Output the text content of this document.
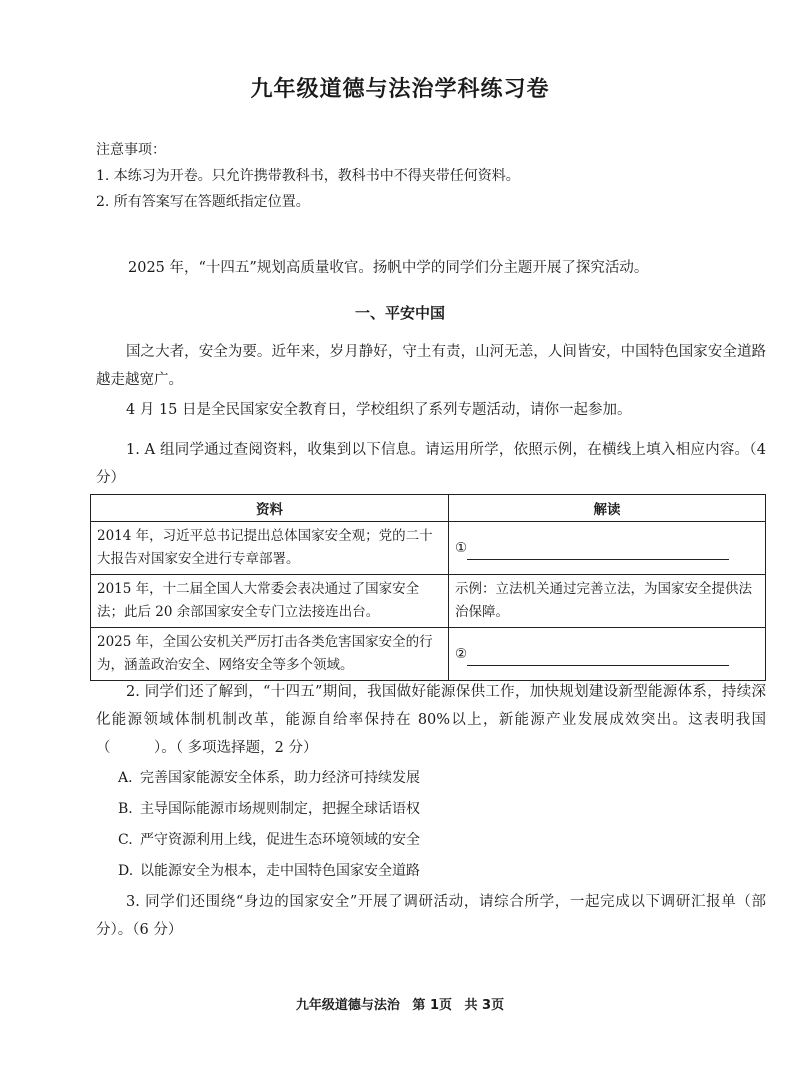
九年级道德与法治学科练习卷
注意事项：
1. 本练习为开卷。只允许携带教科书，教科书中不得夹带任何资料。
2. 所有答案写在答题纸指定位置。
2025 年，“十四五”规划高质量收官。扬帆中学的同学们分主题开展了探究活动。
一、平安中国
国之大者，安全为要。近年来，岁月静好，守土有责，山河无恙，人间皆安，中国特色国家安全道路越走越宽广。
4 月 15 日是全民国家安全教育日，学校组织了系列专题活动，请你一起参加。
1. A 组同学通过查阅资料，收集到以下信息。请运用所学，依照示例，在横线上填入相应内容。（4 分）
资料	解读
2014 年，习近平总书记提出总体国家安全观；党的二十大报告对国家安全进行专章部署。	①
2015 年，十二届全国人大常委会表决通过了国家安全法；此后 20 余部国家安全专门立法接连出台。	示例：立法机关通过完善立法，为国家安全提供法治保障。
2025 年，全国公安机关严厉打击各类危害国家安全的行为，涵盖政治安全、网络安全等多个领域。	②
2. 同学们还了解到，“十四五”期间，我国做好能源保供工作，加快规划建设新型能源体系，持续深化能源领域体制机制改革，能源自给率保持在 80%以上，新能源产业发展成效突出。这表明我国（　　　）。（ 多项选择题，2 分）
A. 完善国家能源安全体系，助力经济可持续发展
B. 主导国际能源市场规则制定，把握全球话语权
C. 严守资源利用上线，促进生态环境领域的安全
D. 以能源安全为根本，走中国特色国家安全道路
3. 同学们还围绕“身边的国家安全”开展了调研活动，请综合所学，一起完成以下调研汇报单（部分）。（6 分）
九年级道德与法治 第 1页 共 3页
